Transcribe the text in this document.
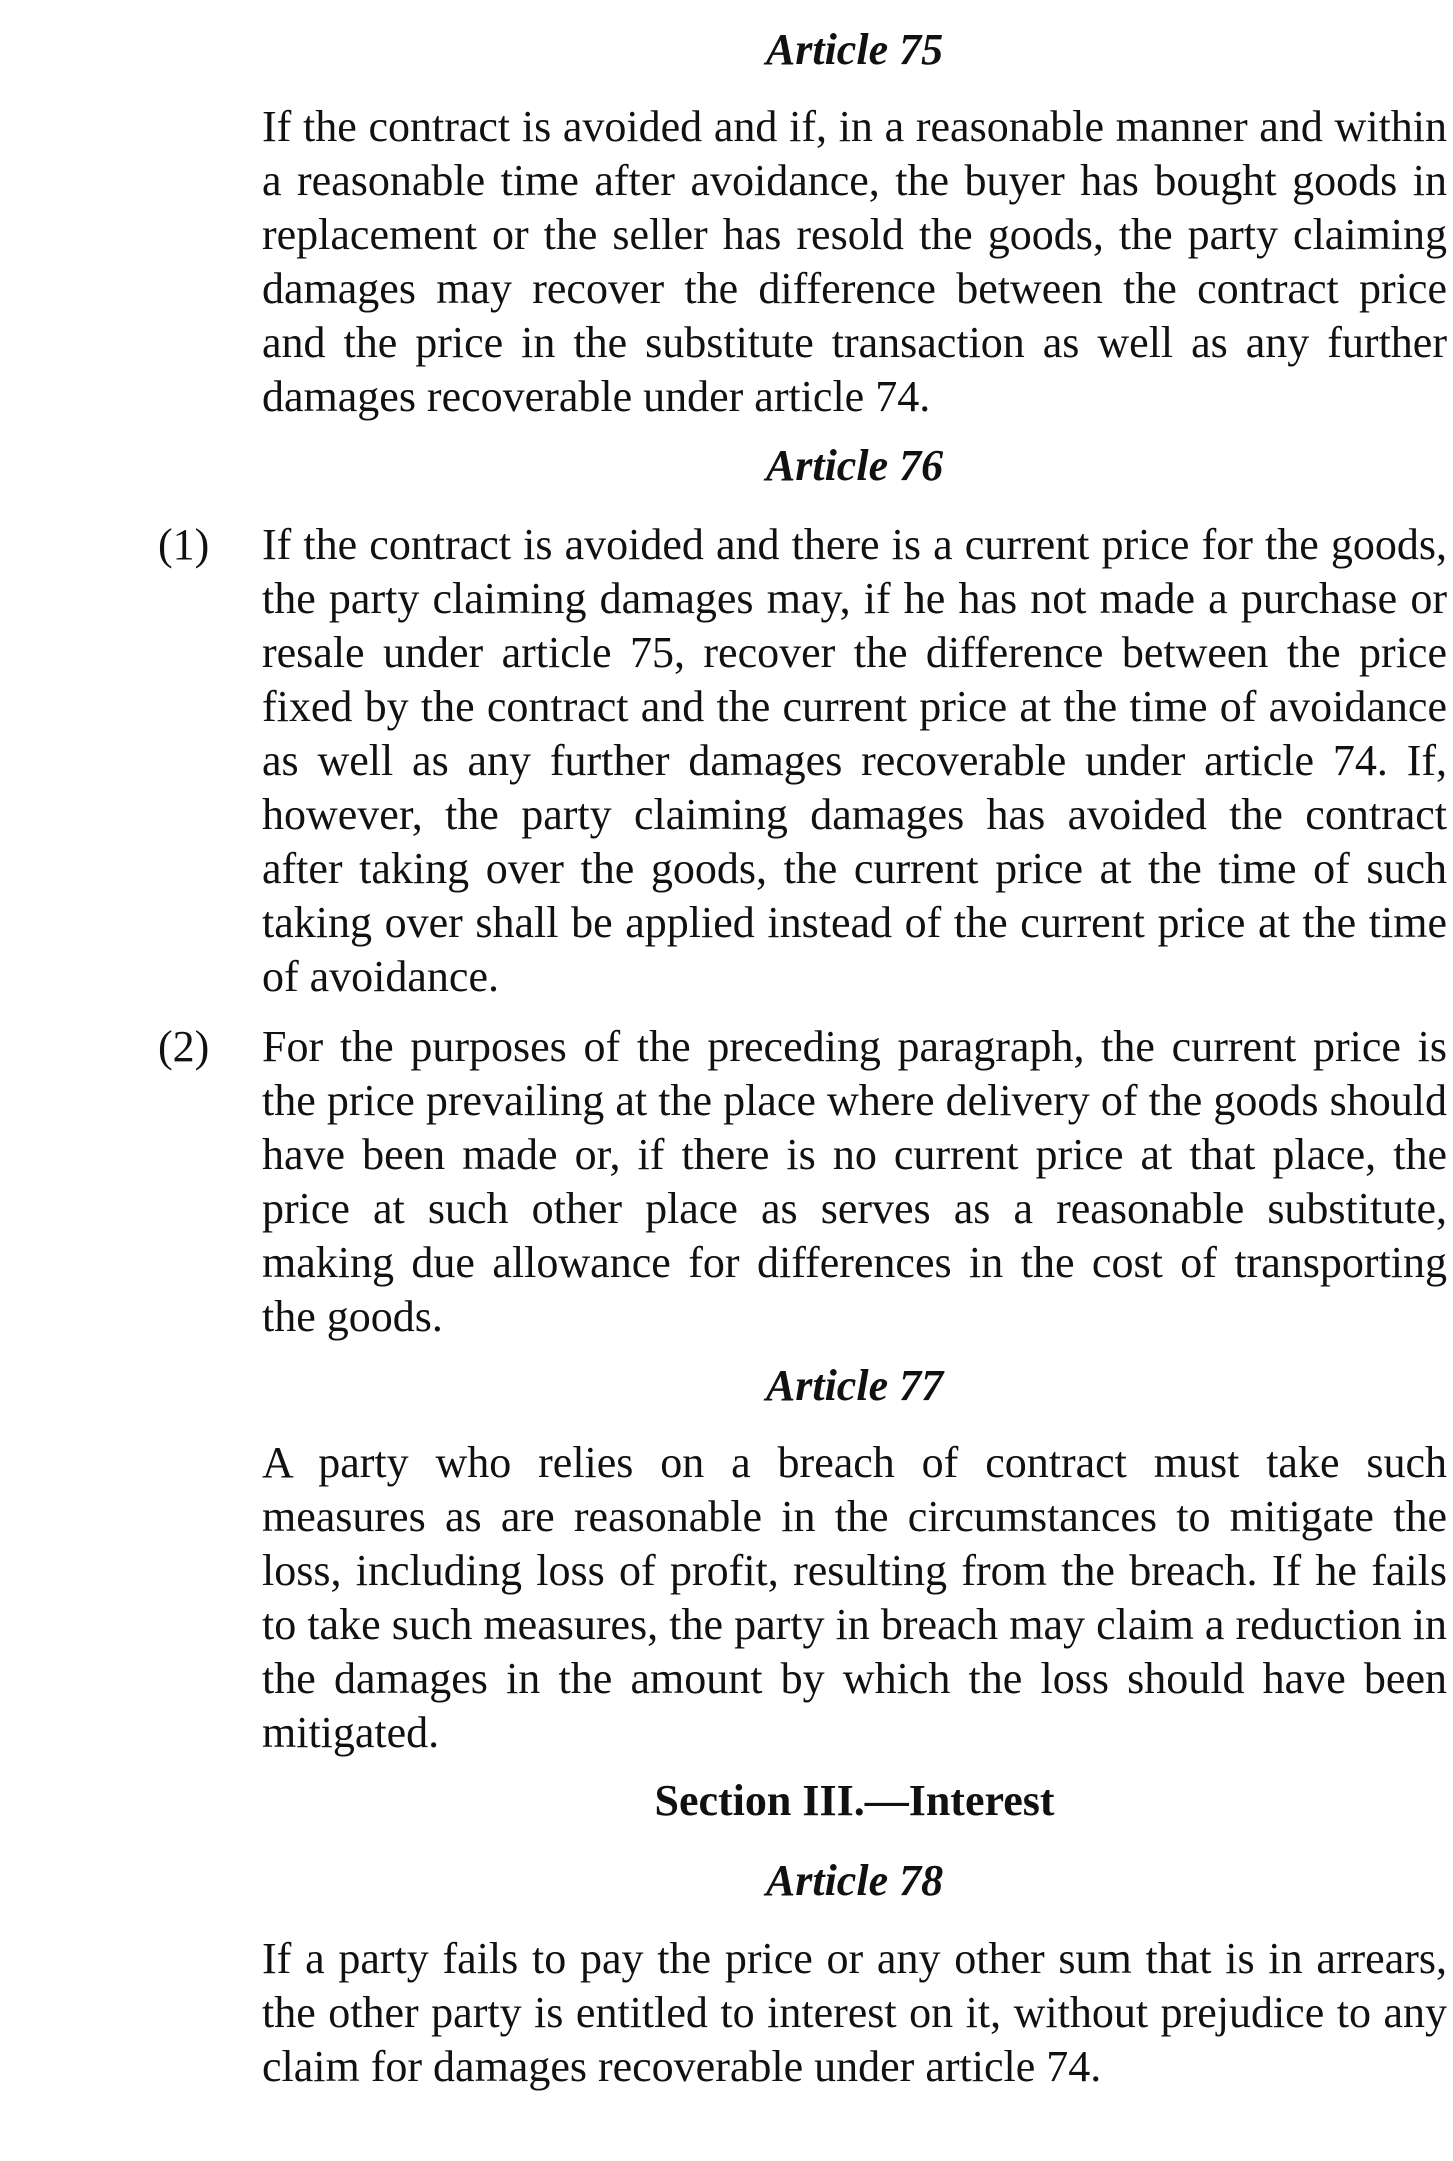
Article 75

If the contract is avoided and if, in a reasonable manner and within a reasonable time after avoidance, the buyer has bought goods in replacement or the seller has resold the goods, the party claiming damages may recover the difference between the contract price and the price in the substitute transaction as well as any further damages recoverable under article 74.

Article 76
(1) If the contract is avoided and there is a current price for the goods, the party claiming damages may, if he has not made a purchase or resale under article 75, recover the difference between the price fixed by the contract and the current price at the time of avoidance as well as any further damages recoverable under article 74. If, however, the party claiming damages has avoided the contract after taking over the goods, the current price at the time of such taking over shall be applied instead of the current price at the time of avoidance.

(2) For the purposes of the preceding paragraph, the current price is the price prevailing at the place where delivery of the goods should have been made or, if there is no current price at that place, the price at such other place as serves as a reasonable substitute, making due allowance for differences in the cost of transporting the goods.

Article 77

A party who relies on a breach of contract must take such measures as are reasonable in the circumstances to mitigate the loss, including loss of profit, resulting from the breach. If he fails to take such measures, the party in breach may claim a reduction in the damages in the amount by which the loss should have been mitigated.

Section III.—Interest
Article 78

If a party fails to pay the price or any other sum that is in arrears, the other party is entitled to interest on it, without prejudice to any claim for damages recoverable under article 74.
